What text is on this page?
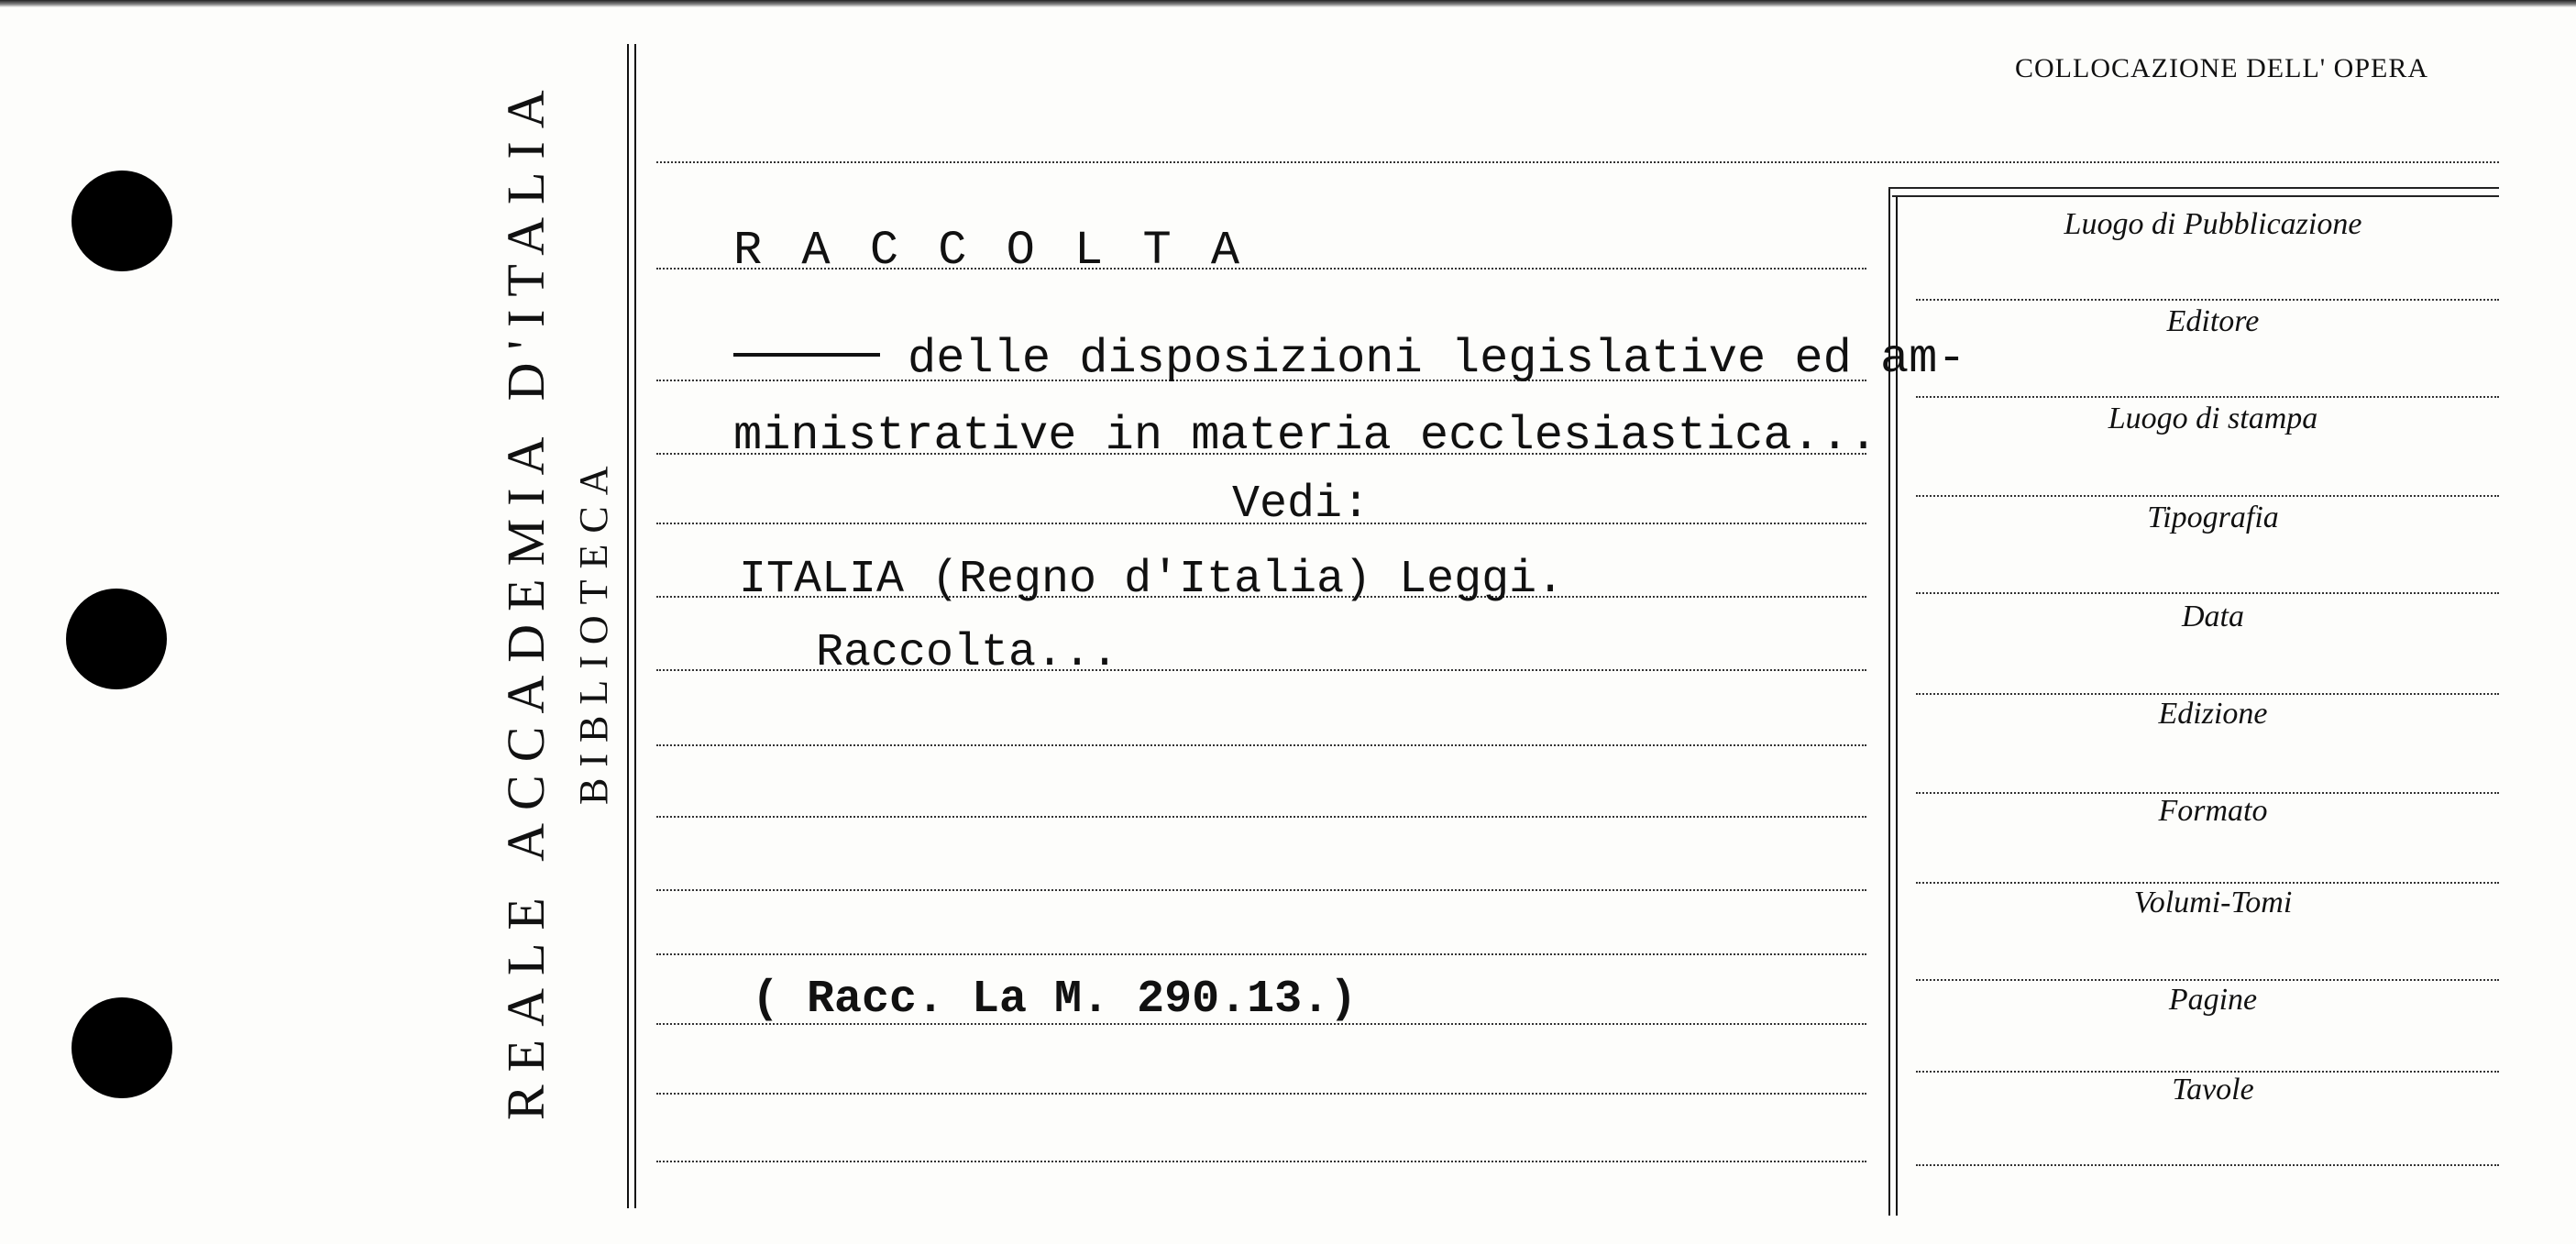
REALE ACCADEMIA D'ITALIA BIBLIOTECA
COLLOCAZIONE DELL' OPERA
Luogo di Pubblicazione
Editore
Luogo di stampa
Tipografia
Data
Edizione
Formato
Volumi-Tomi
Pagine
Tavole
R A C C O L T A
delle disposizioni legislative ed am-
ministrative in materia ecclesiastica...
Vedi:
ITALIA (Regno d'Italia) Leggi.
Raccolta...
( Racc. La M. 290.13.)
